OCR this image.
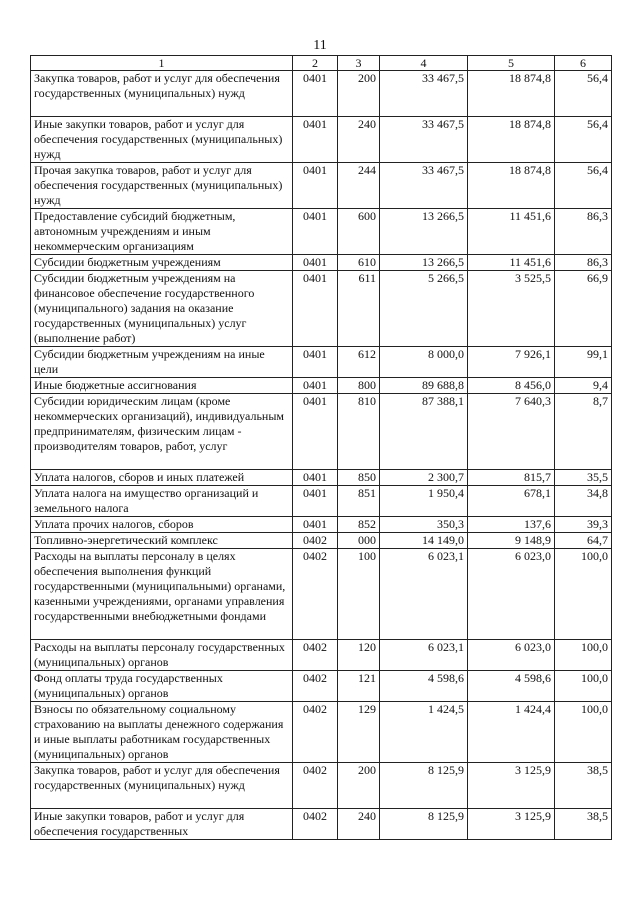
11
1	2	3	4	5	6
Закупка товаров, работ и услуг для обеспечения государственных (муниципальных) нужд	0401	200	33 467,5	18 874,8	56,4
Иные закупки товаров, работ и услуг для обеспечения государственных (муниципальных) нужд	0401	240	33 467,5	18 874,8	56,4
Прочая закупка товаров, работ и услуг для обеспечения государственных (муниципальных) нужд	0401	244	33 467,5	18 874,8	56,4
Предоставление субсидий бюджетным, автономным учреждениям и иным некоммерческим организациям	0401	600	13 266,5	11 451,6	86,3
Субсидии бюджетным учреждениям	0401	610	13 266,5	11 451,6	86,3
Субсидии бюджетным учреждениям на финансовое обеспечение государственного (муниципального) задания на оказание государственных (муниципальных) услуг (выполнение работ)	0401	611	5 266,5	3 525,5	66,9
Субсидии бюджетным учреждениям на иные цели	0401	612	8 000,0	7 926,1	99,1
Иные бюджетные ассигнования	0401	800	89 688,8	8 456,0	9,4
Субсидии юридическим лицам (кроме некоммерческих организаций), индивидуальным предпринимателям, физическим лицам - производителям товаров, работ, услуг	0401	810	87 388,1	7 640,3	8,7
Уплата налогов, сборов и иных платежей	0401	850	2 300,7	815,7	35,5
Уплата налога на имущество организаций и земельного налога	0401	851	1 950,4	678,1	34,8
Уплата прочих налогов, сборов	0401	852	350,3	137,6	39,3
Топливно-энергетический комплекс	0402	000	14 149,0	9 148,9	64,7
Расходы на выплаты персоналу в целях обеспечения выполнения функций государственными (муниципальными) органами, казенными учреждениями, органами управления государственными внебюджетными фондами	0402	100	6 023,1	6 023,0	100,0
Расходы на выплаты персоналу государственных (муниципальных) органов	0402	120	6 023,1	6 023,0	100,0
Фонд оплаты труда государственных (муниципальных) органов	0402	121	4 598,6	4 598,6	100,0
Взносы по обязательному социальному страхованию на выплаты денежного содержания и иные выплаты работникам государственных (муниципальных) органов	0402	129	1 424,5	1 424,4	100,0
Закупка товаров, работ и услуг для обеспечения государственных (муниципальных) нужд	0402	200	8 125,9	3 125,9	38,5
Иные закупки товаров, работ и услуг для обеспечения государственных	0402	240	8 125,9	3 125,9	38,5
